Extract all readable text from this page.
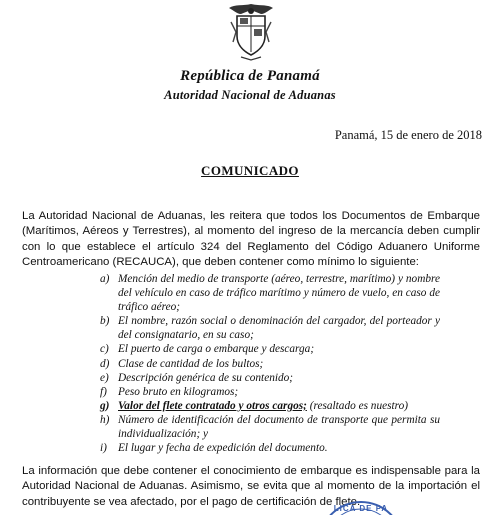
República de Panamá
Autoridad Nacional de Aduanas
Panamá, 15 de enero de 2018
COMUNICADO
La Autoridad Nacional de Aduanas, les reitera que todos los Documentos de Embarque (Marítimos, Aéreos y Terrestres), al momento del ingreso de la mercancía deben cumplir con lo que establece el artículo 324 del Reglamento del Código Aduanero Uniforme Centroamericano (RECAUCA), que deben contener como mínimo lo siguiente:
a) Mención del medio de transporte (aéreo, terrestre, marítimo) y nombre del vehículo en caso de tráfico marítimo y número de vuelo, en caso de tráfico aéreo;
b) El nombre, razón social o denominación del cargador, del porteador y del consignatario, en su caso;
c) El puerto de carga o embarque y descarga;
d) Clase de cantidad de los bultos;
e) Descripción genérica de su contenido;
f) Peso bruto en kilogramos;
g) Valor del flete contratado y otros cargos; (resaltado es nuestro)
h) Número de identificación del documento de transporte que permita su individualización; y
i) El lugar y fecha de expedición del documento.
La información que debe contener el conocimiento de embarque es indispensable para la Autoridad Nacional de Aduanas. Asimismo, se evita que al momento de la importación el contribuyente se vea afectado, por el pago de certificación de flete.
LICA DE PA
